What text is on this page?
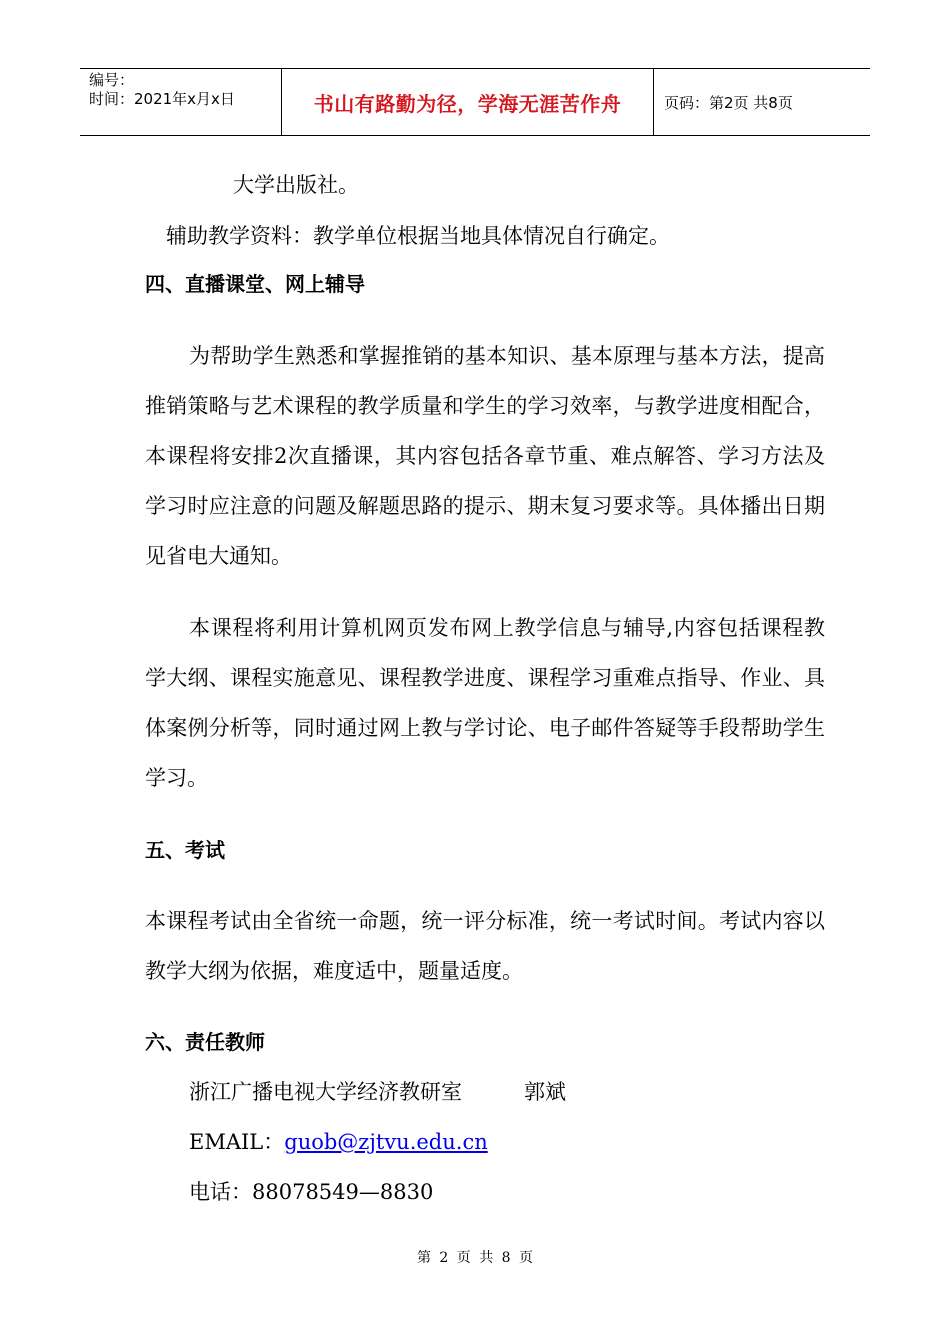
编号：
时间：2021年x月x日	书山有路勤为径，学海无涯苦作舟	页码：第2页 共8页
大学出版社。
辅助教学资料：教学单位根据当地具体情况自行确定。
四、直播课堂、网上辅导
为帮助学生熟悉和掌握推销的基本知识、基本原理与基本方法，提高推销策略与艺术课程的教学质量和学生的学习效率，与教学进度相配合，本课程将安排2次直播课，其内容包括各章节重、难点解答、学习方法及学习时应注意的问题及解题思路的提示、期末复习要求等。具体播出日期见省电大通知。
本课程将利用计算机网页发布网上教学信息与辅导,内容包括课程教学大纲、课程实施意见、课程教学进度、课程学习重难点指导、作业、具体案例分析等，同时通过网上教与学讨论、电子邮件答疑等手段帮助学生学习。
五、考试
本课程考试由全省统一命题，统一评分标准，统一考试时间。考试内容以教学大纲为依据，难度适中，题量适度。
六、责任教师
浙江广播电视大学经济教研室	郭斌
EMAIL：guob@zjtvu.edu.cn
电话：88078549—8830
第 2 页 共 8 页
